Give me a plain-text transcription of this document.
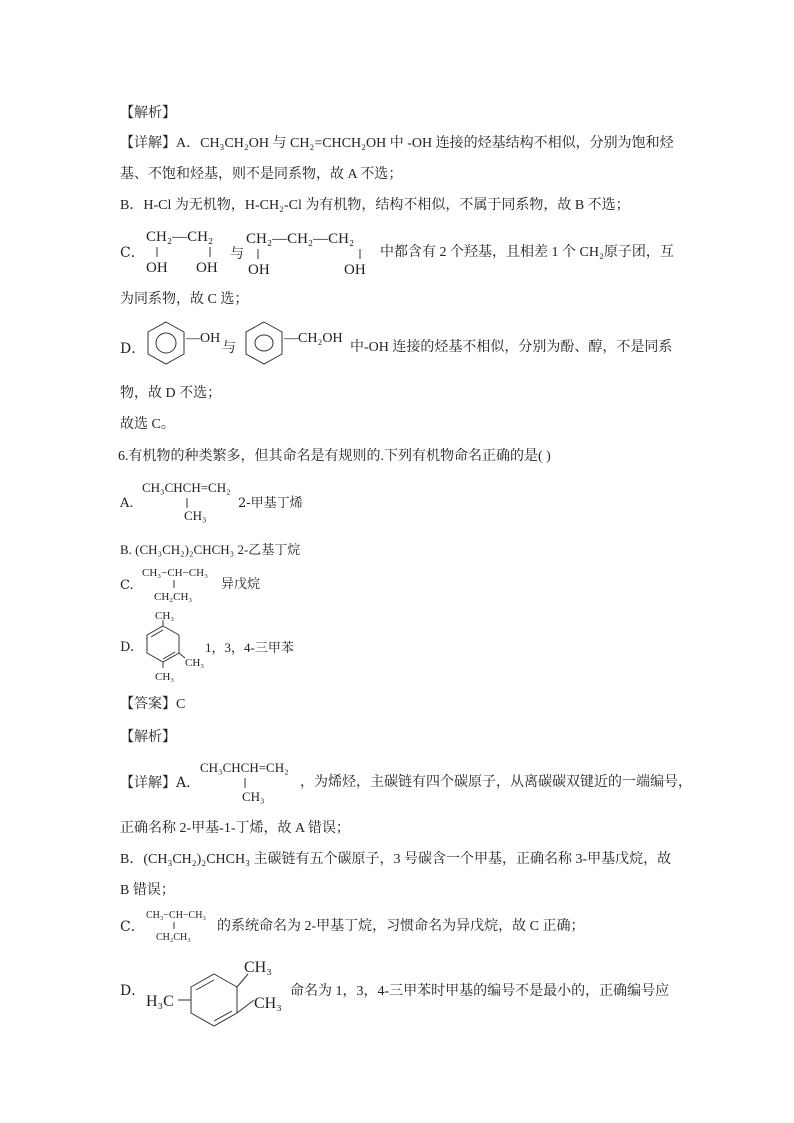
【解析】
【详解】A．CH₃CH₂OH 与 CH₂=CHCH₂OH 中 -OH 连接的烃基结构不相似，分别为饱和烃
基、不饱和烃基，则不是同系物，故 A 不选；
B．H-Cl 为无机物，H-CH₂-Cl 为有机物，结构不相似，不属于同系物，故 B 不选；
C．
CH₂—CH₂
OH OH
与
CH₂—CH₂—CH₂
OH	OH
中都含有 2 个羟基，且相差 1 个 CH₂原子团，互
为同系物，故 C 选；
D．
—OH
与
—CH₂OH
中-OH 连接的烃基不相似，分别为酚、醇，不是同系
物，故 D 不选；
故选 C。
6.有机物的种类繁多，但其命名是有规则的.下列有机物命名正确的是( )
A.
CH₃CHCH=CH₂
CH₃
2-甲基丁烯
B. (CH₃CH₂)₂CHCH₃ 2-乙基丁烷
C.
CH₃−CH−CH₃
CH₂CH₃
异戊烷
D.
CH₃
CH₃
CH₃
1，3，4-三甲苯
【答案】C
【解析】
【详解】A．
CH₃CHCH=CH₂
CH₃
，为烯烃，主碳链有四个碳原子，从离碳碳双键近的一端编号，
正确名称 2-甲基-1-丁烯，故 A 错误；
B．(CH₃CH₂)₂CHCH₃ 主碳链有五个碳原子，3 号碳含一个甲基，正确名称 3-甲基戊烷，故
B 错误；
C．
CH₃−CH−CH₃
CH₂CH₃
的系统命名为 2-甲基丁烷，习惯命名为异戊烷，故 C 正确；
D．
CH₃
CH₃
H₃C
命名为 1，3，4-三甲苯时甲基的编号不是最小的，正确编号应
